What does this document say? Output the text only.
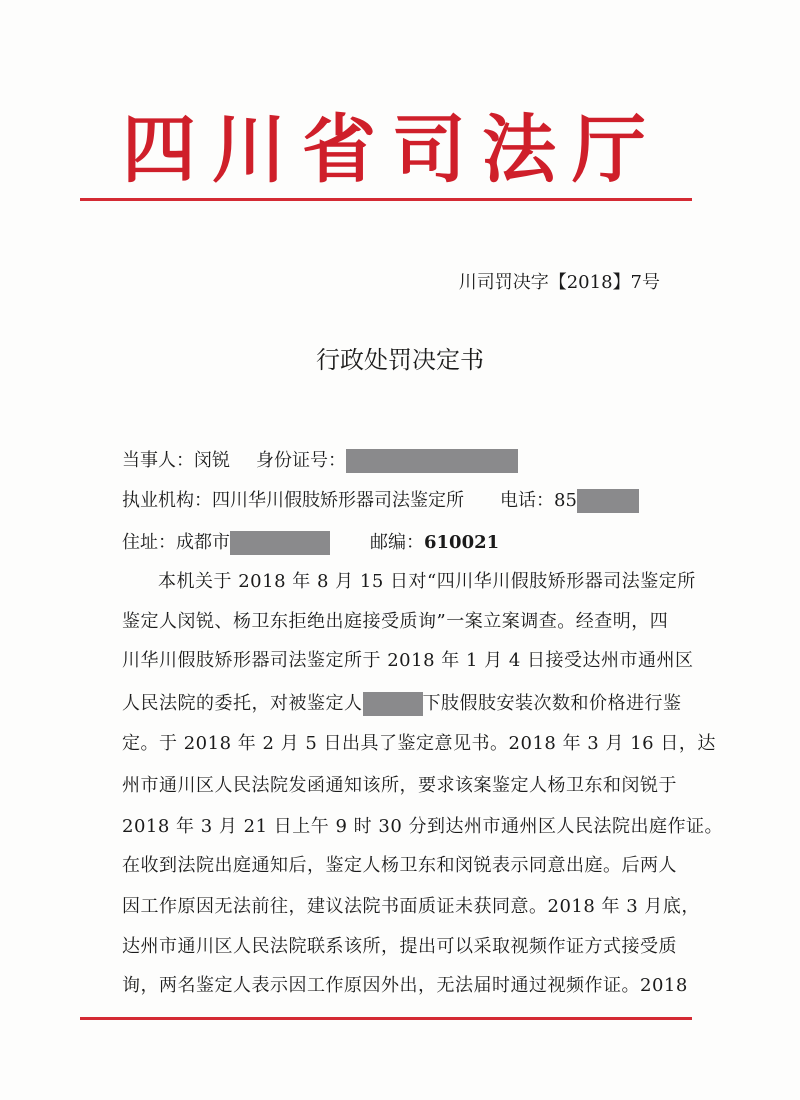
四川省司法厅
川司罚决字【2018】7号
行政处罚决定书
当事人：闵锐 身份证号：
执业机构：四川华川假肢矫形器司法鉴定所 电话：85
住址：成都市	邮编：610021
本机关于 2018 年 8 月 15 日对“四川华川假肢矫形器司法鉴定所
鉴定人闵锐、杨卫东拒绝出庭接受质询”一案立案调查。经查明，四
川华川假肢矫形器司法鉴定所于 2018 年 1 月 4 日接受达州市通州区
人民法院的委托，对被鉴定人	下肢假肢安装次数和价格进行鉴
定。于 2018 年 2 月 5 日出具了鉴定意见书。2018 年 3 月 16 日，达
州市通川区人民法院发函通知该所，要求该案鉴定人杨卫东和闵锐于
2018 年 3 月 21 日上午 9 时 30 分到达州市通州区人民法院出庭作证。
在收到法院出庭通知后，鉴定人杨卫东和闵锐表示同意出庭。后两人
因工作原因无法前往，建议法院书面质证未获同意。2018 年 3 月底，
达州市通川区人民法院联系该所，提出可以采取视频作证方式接受质
询，两名鉴定人表示因工作原因外出，无法届时通过视频作证。2018
